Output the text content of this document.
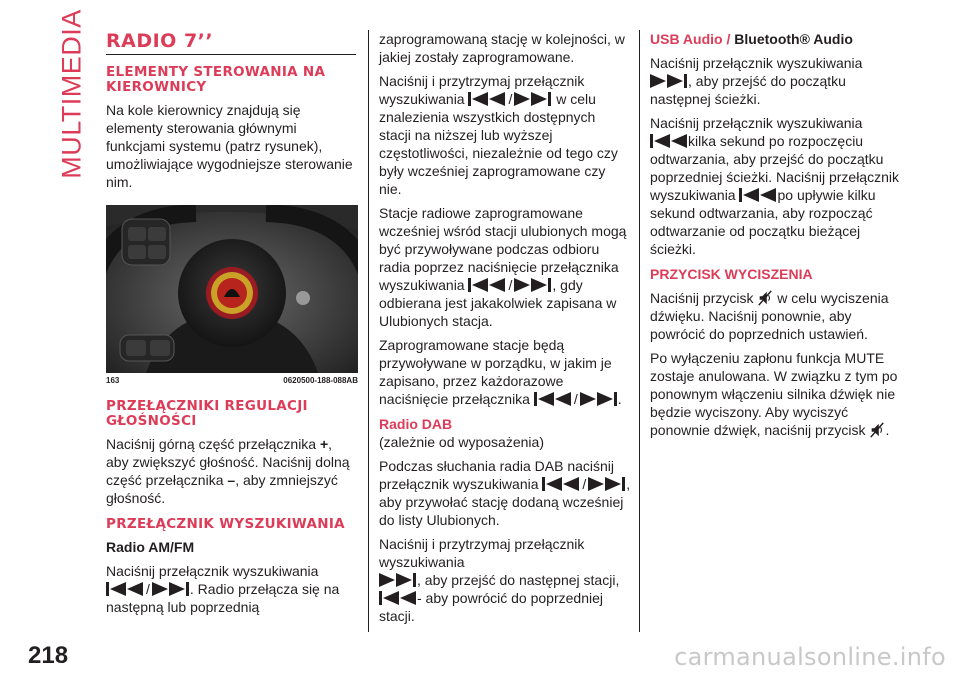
MULTIMEDIA RADIO 7’’
ELEMENTY STEROWANIA NA KIEROWNICY

Na kole kierownicy znajdują się elementy sterowania głównymi funkcjami systemu (patrz rysunek), umożliwiające wygodniejsze sterowanie nim.

163	0620500-188-088AB
PRZEŁĄCZNIKI REGULACJI GŁOŚNOŚCI

Naciśnij górną część przełącznika +, aby zwiększyć głośność. Naciśnij dolną część przełącznika –, aby zmniejszyć głośność.

PRZEŁĄCZNIK WYSZUKIWANIA
Radio AM/FM

Naciśnij przełącznik wyszukiwania
/	. Radio przełącza się na następną lub poprzednią

zaprogramowaną stację w kolejności, w jakiej zostały zaprogramowane.

Naciśnij i przytrzymaj przełącznik wyszukiwania	/	w celu znalezienia wszystkich dostępnych stacji na niższej lub wyższej częstotliwości, niezależnie od tego czy były wcześniej zaprogramowane czy nie.

Stacje radiowe zaprogramowane wcześniej wśród stacji ulubionych mogą być przywoływane podczas odbioru radia poprzez naciśnięcie przełącznika wyszukiwania	/	, gdy odbierana jest jakakolwiek zapisana w Ulubionych stacja.

Zaprogramowane stacje będą przywoływane w porządku, w jakim je zapisano, przez każdorazowe naciśnięcie przełącznika	/	.

Radio DAB
(zależnie od wyposażenia)

Podczas słuchania radia DAB naciśnij przełącznik wyszukiwania	/	, aby przywołać stację dodaną wcześniej do listy Ulubionych.

Naciśnij i przytrzymaj przełącznik wyszukiwania
, aby przejść do następnej stacji, - aby powrócić do poprzedniej stacji.

USB Audio / Bluetooth® Audio

Naciśnij przełącznik wyszukiwania
, aby przejść do początku następnej ścieżki.

Naciśnij przełącznik wyszukiwania
kilka sekund po rozpoczęciu odtwarzania, aby przejść do początku poprzedniej ścieżki. Naciśnij przełącznik wyszukiwania	po upływie kilku sekund odtwarzania, aby rozpocząć odtwarzanie od początku bieżącej ścieżki.

PRZYCISK WYCISZENIA

Naciśnij przycisk w celu wyciszenia dźwięku. Naciśnij ponownie, aby powrócić do poprzednich ustawień.

Po wyłączeniu zapłonu funkcja MUTE zostaje anulowana. W związku z tym po ponownym włączeniu silnika dźwięk nie będzie wyciszony. Aby wyciszyć ponownie dźwięk, naciśnij przycisk .

218	carmanualsonline.info
